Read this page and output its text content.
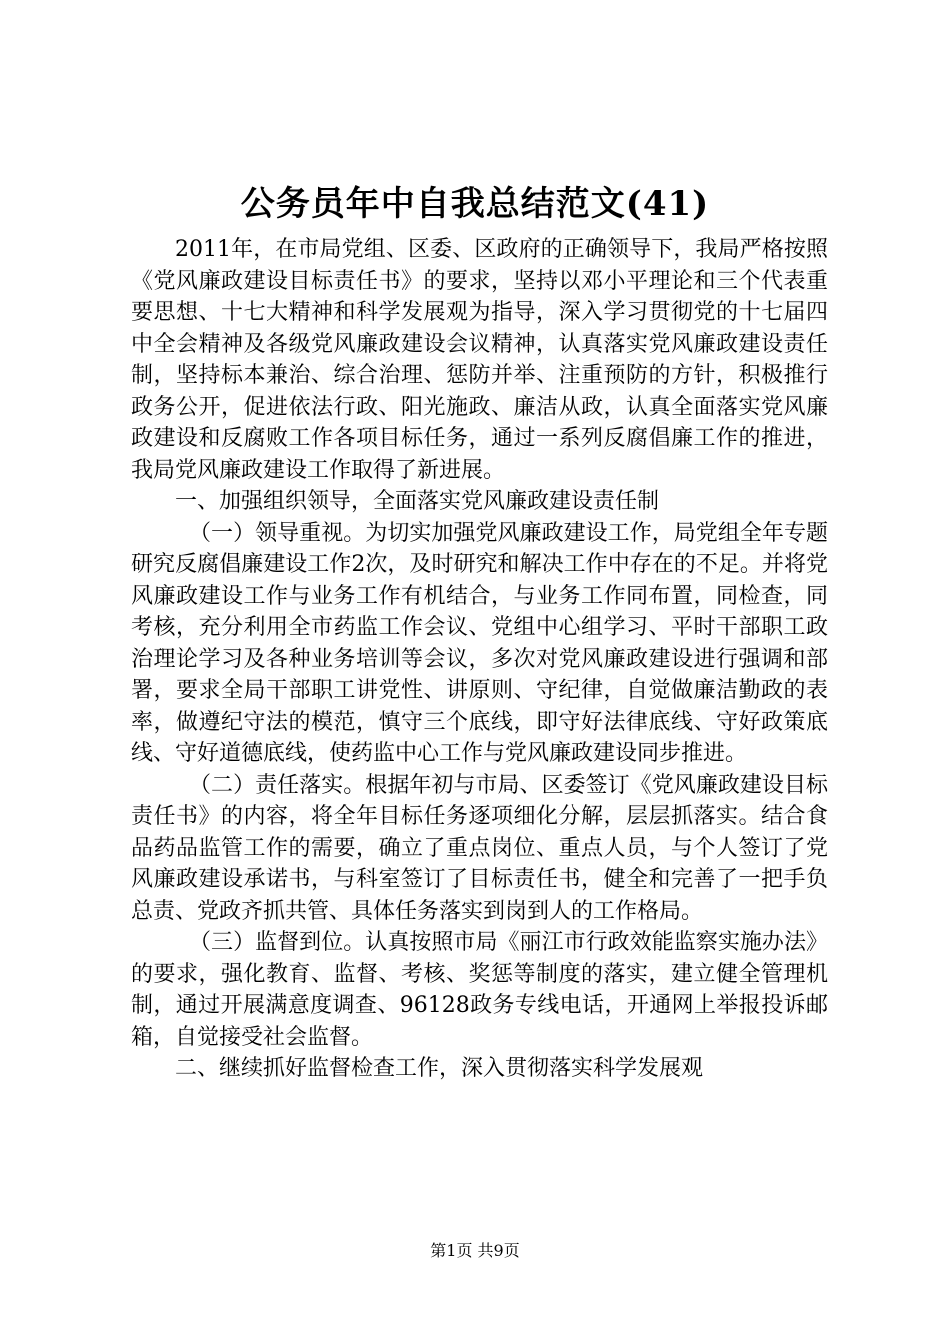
公务员年中自我总结范文(41)

2011年，在市局党组、区委、区政府的正确领导下，我局严格按照《党风廉政建设目标责任书》的要求，坚持以邓小平理论和三个代表重要思想、十七大精神和科学发展观为指导，深入学习贯彻党的十七届四中全会精神及各级党风廉政建设会议精神，认真落实党风廉政建设责任制，坚持标本兼治、综合治理、惩防并举、注重预防的方针，积极推行政务公开，促进依法行政、阳光施政、廉洁从政，认真全面落实党风廉政建设和反腐败工作各项目标任务，通过一系列反腐倡廉工作的推进，我局党风廉政建设工作取得了新进展。

一、加强组织领导，全面落实党风廉政建设责任制

（一）领导重视。为切实加强党风廉政建设工作，局党组全年专题研究反腐倡廉建设工作2次，及时研究和解决工作中存在的不足。并将党风廉政建设工作与业务工作有机结合，与业务工作同布置，同检查，同考核，充分利用全市药监工作会议、党组中心组学习、平时干部职工政治理论学习及各种业务培训等会议，多次对党风廉政建设进行强调和部署，要求全局干部职工讲党性、讲原则、守纪律，自觉做廉洁勤政的表率，做遵纪守法的模范，慎守三个底线，即守好法律底线、守好政策底线、守好道德底线，使药监中心工作与党风廉政建设同步推进。

（二）责任落实。根据年初与市局、区委签订《党风廉政建设目标责任书》的内容，将全年目标任务逐项细化分解，层层抓落实。结合食品药品监管工作的需要，确立了重点岗位、重点人员，与个人签订了党风廉政建设承诺书，与科室签订了目标责任书，健全和完善了一把手负总责、党政齐抓共管、具体任务落实到岗到人的工作格局。

（三）监督到位。认真按照市局《丽江市行政效能监察实施办法》的要求，强化教育、监督、考核、奖惩等制度的落实，建立健全管理机制，通过开展满意度调查、96128政务专线电话，开通网上举报投诉邮箱，自觉接受社会监督。

二、继续抓好监督检查工作，深入贯彻落实科学发展观

第1页 共9页
